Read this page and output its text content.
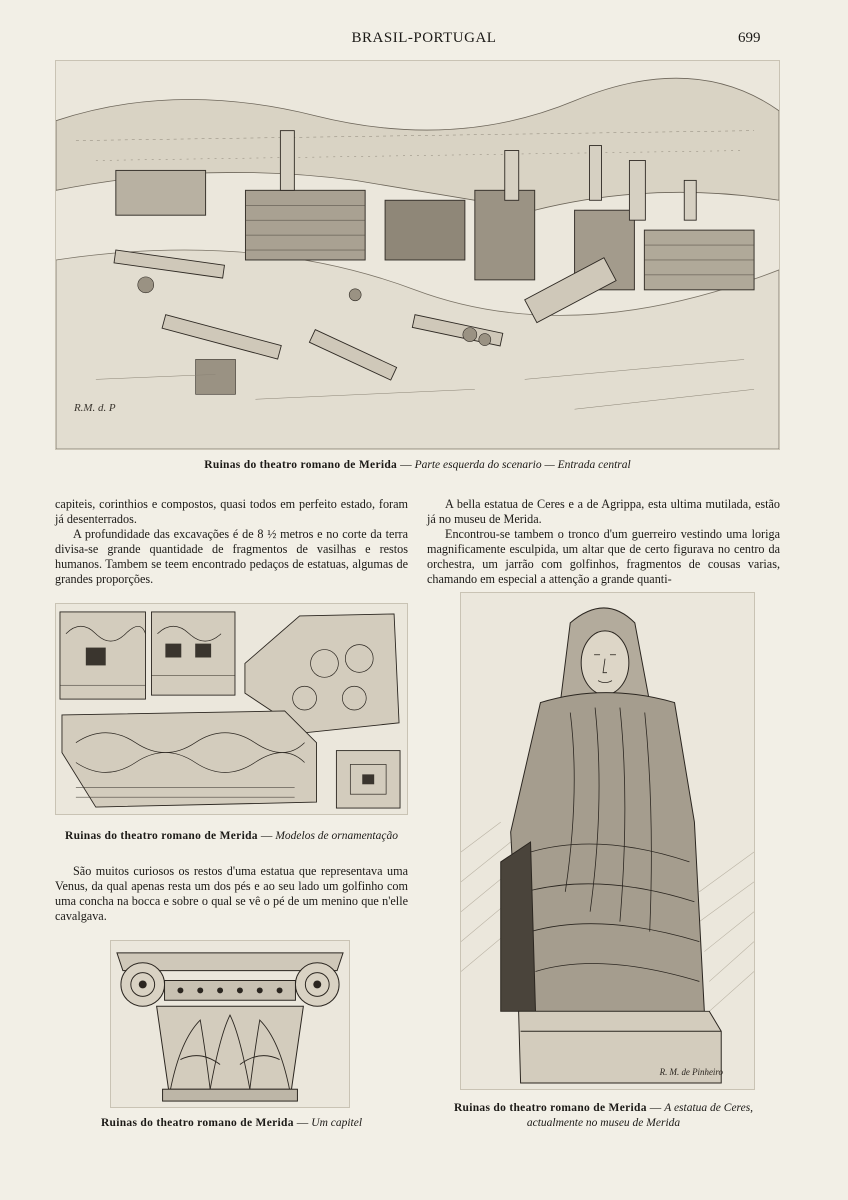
BRASIL-PORTUGAL	699
R.M. d. P
Ruinas do theatro romano de Merida — Parte esquerda do scenario — Entrada central

capiteis, corinthios e compostos, quasi todos em perfeito estado, foram já desenterrados.

A profundidade das excavações é de 8 ½ metros e no corte da terra divisa-se grande quantidade de fragmentos de vasilhas e restos humanos. Tambem se teem encontrado pedaços de estatuas, algumas de grandes proporções.

A bella estatua de Ceres e a de Agrippa, esta ultima mutilada, estão já no museu de Merida.

Encontrou-se tambem o tronco d'um guerreiro vestindo uma loriga magnificamente esculpida, um altar que de certo figurava no centro da orchestra, um jarrão com golfinhos, fragmentos de cousas varias, chamando em especial a attenção a grande quanti-

Ruinas do theatro romano de Merida — Modelos de ornamentação

São muitos curiosos os restos d'uma estatua que representava uma Venus, da qual apenas resta um dos pés e ao seu lado um golfinho com uma concha na bocca e sobre o qual se vê o pé de um menino que n'elle cavalgava.

Ruinas do theatro romano de Merida — Um capitel
R. M. de Pinheiro
Ruinas do theatro romano de Merida — A estatua de Ceres,
actualmente no museu de Merida
